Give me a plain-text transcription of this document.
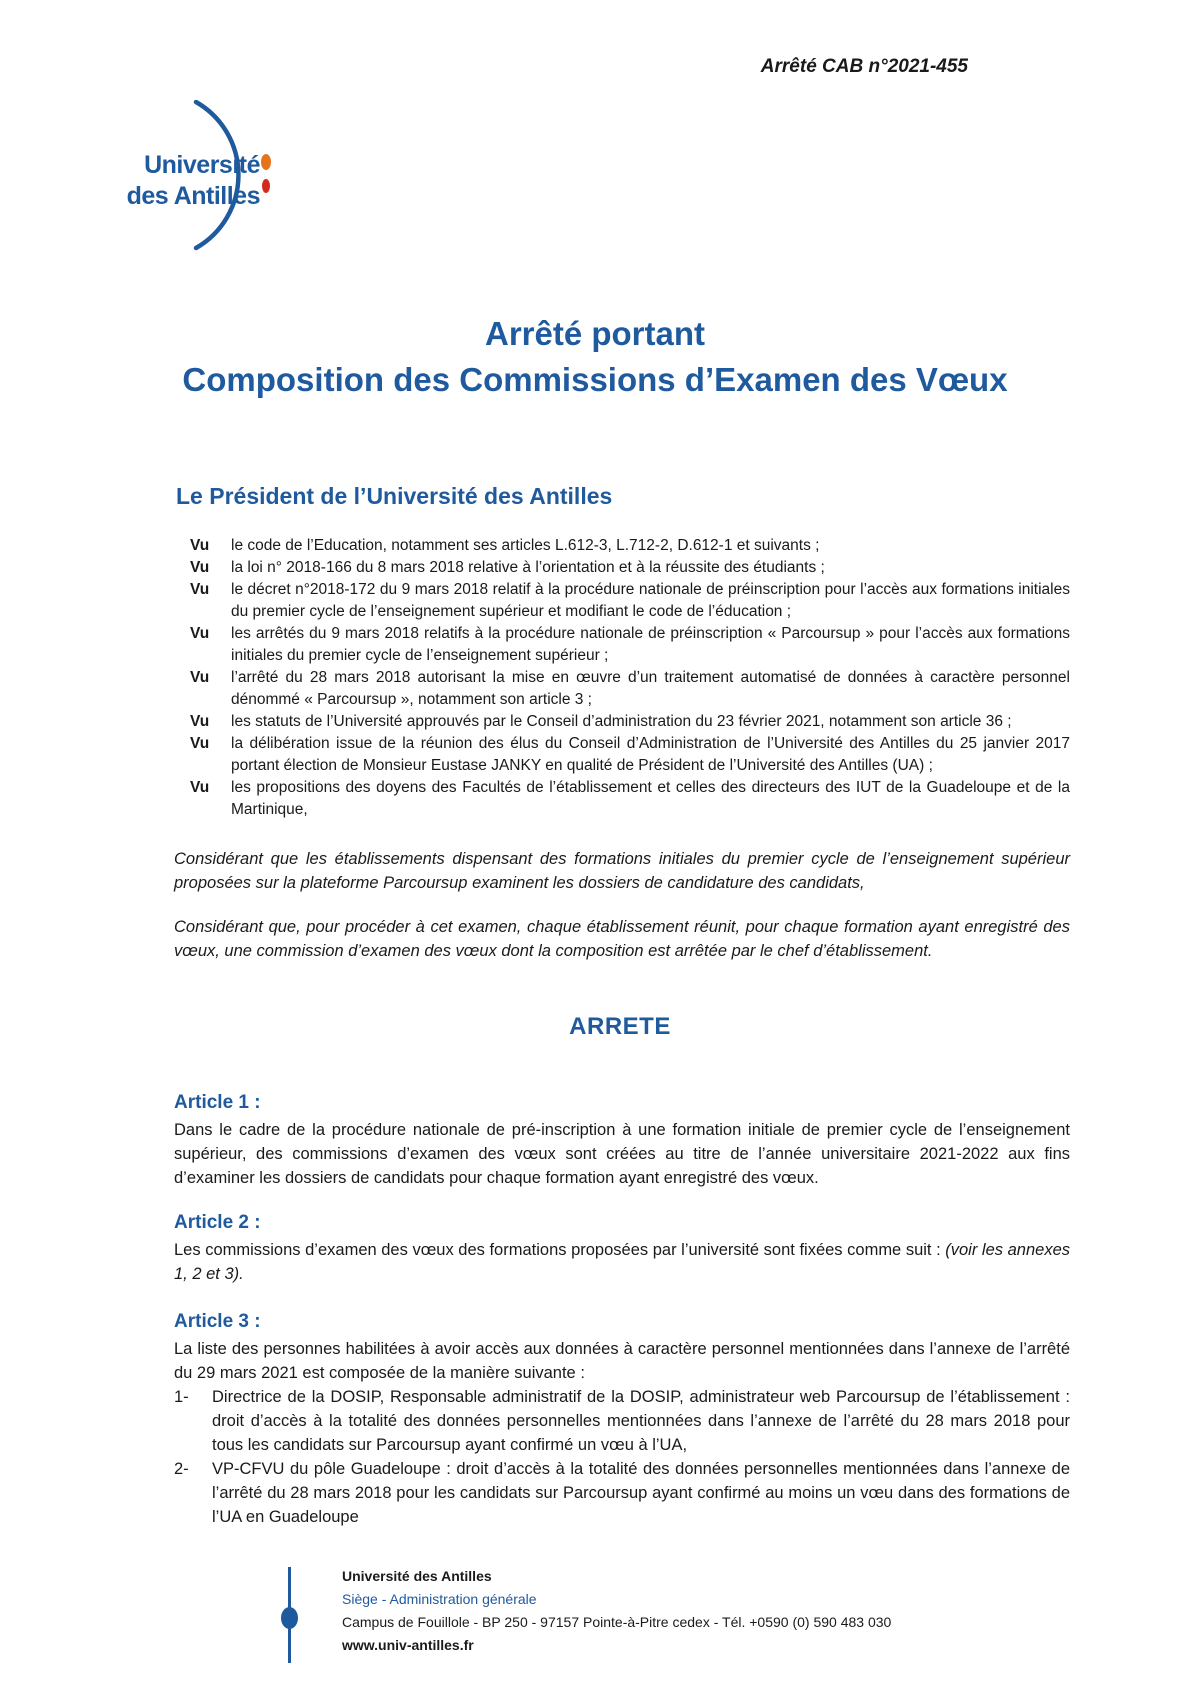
Arrêté CAB n°2021-455
Université
des Antilles
Arrêté portant
Composition des Commissions d’Examen des Vœux
Le Président de l’Université des Antilles
Vu	le code de l’Education, notamment ses articles L.612-3, L.712-2, D.612-1 et suivants ;
Vu	la loi n° 2018-166 du 8 mars 2018 relative à l’orientation et à la réussite des étudiants ;
Vu	le décret n°2018-172 du 9 mars 2018 relatif à la procédure nationale de préinscription pour l’accès aux formations initiales du premier cycle de l’enseignement supérieur et modifiant le code de l’éducation ;
Vu	les arrêtés du 9 mars 2018 relatifs à la procédure nationale de préinscription « Parcoursup » pour l’accès aux formations initiales du premier cycle de l’enseignement supérieur ;
Vu	l’arrêté du 28 mars 2018 autorisant la mise en œuvre d’un traitement automatisé de données à caractère personnel dénommé « Parcoursup », notamment son article 3 ;
Vu	les statuts de l’Université approuvés par le Conseil d’administration du 23 février 2021, notamment son article 36 ;
Vu	la délibération issue de la réunion des élus du Conseil d’Administration de l’Université des Antilles du 25 janvier 2017 portant élection de Monsieur Eustase JANKY en qualité de Président de l’Université des Antilles (UA) ;
Vu	les propositions des doyens des Facultés de l’établissement et celles des directeurs des IUT de la Guadeloupe et de la Martinique,
Considérant que les établissements dispensant des formations initiales du premier cycle de l’enseignement supérieur proposées sur la plateforme Parcoursup examinent les dossiers de candidature des candidats,
Considérant que, pour procéder à cet examen, chaque établissement réunit, pour chaque formation ayant enregistré des vœux, une commission d’examen des vœux dont la composition est arrêtée par le chef d’établissement.
ARRETE
Article 1 :
Dans le cadre de la procédure nationale de pré-inscription à une formation initiale de premier cycle de l’enseignement supérieur, des commissions d’examen des vœux sont créées au titre de l’année universitaire 2021-2022 aux fins d’examiner les dossiers de candidats pour chaque formation ayant enregistré des vœux.
Article 2 :
Les commissions d’examen des vœux des formations proposées par l’université sont fixées comme suit : (voir les annexes 1, 2 et 3).
Article 3 :
La liste des personnes habilitées à avoir accès aux données à caractère personnel mentionnées dans l’annexe de l’arrêté du 29 mars 2021 est composée de la manière suivante :
1-	Directrice de la DOSIP, Responsable administratif de la DOSIP, administrateur web Parcoursup de l’établissement : droit d’accès à la totalité des données personnelles mentionnées dans l’annexe de l’arrêté du 28 mars 2018 pour tous les candidats sur Parcoursup ayant confirmé un vœu à l’UA,
2-	VP-CFVU du pôle Guadeloupe : droit d’accès à la totalité des données personnelles mentionnées dans l’annexe de l’arrêté du 28 mars 2018 pour les candidats sur Parcoursup ayant confirmé au moins un vœu dans des formations de l’UA en Guadeloupe
Université des Antilles
Siège - Administration générale
Campus de Fouillole - BP 250 - 97157 Pointe-à-Pitre cedex - Tél. +0590 (0) 590 483 030
www.univ-antilles.fr
